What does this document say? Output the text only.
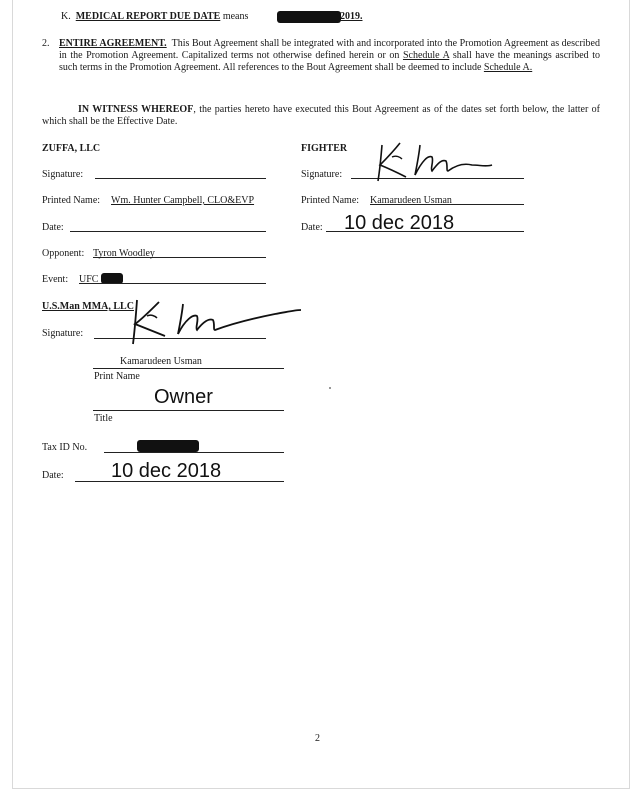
K. MEDICAL REPORT DUE DATE means	2019.
2. ENTIRE AGREEMENT. This Bout Agreement shall be integrated with and incorporated into the Promotion Agreement as described in the Promotion Agreement. Capitalized terms not otherwise defined herein or on Schedule A shall have the meanings ascribed to such terms in the Promotion Agreement. All references to the Bout Agreement shall be deemed to include Schedule A.
IN WITNESS WHEREOF, the parties hereto have executed this Bout Agreement as of the dates set forth below, the latter of which shall be the Effective Date.
ZUFFA, LLC
Signature:
Printed Name: Wm. Hunter Campbell, CLO&EVP
Date:
Opponent: Tyron Woodley
Event: UFC
FIGHTER
Signature:
Printed Name: Kamarudeen Usman
Date: 10 dec 2018
U.S.Man MMA, LLC
Signature:
Kamarudeen Usman
Print Name
Owner
Title
Tax ID No.
Date: 10 dec 2018
2
